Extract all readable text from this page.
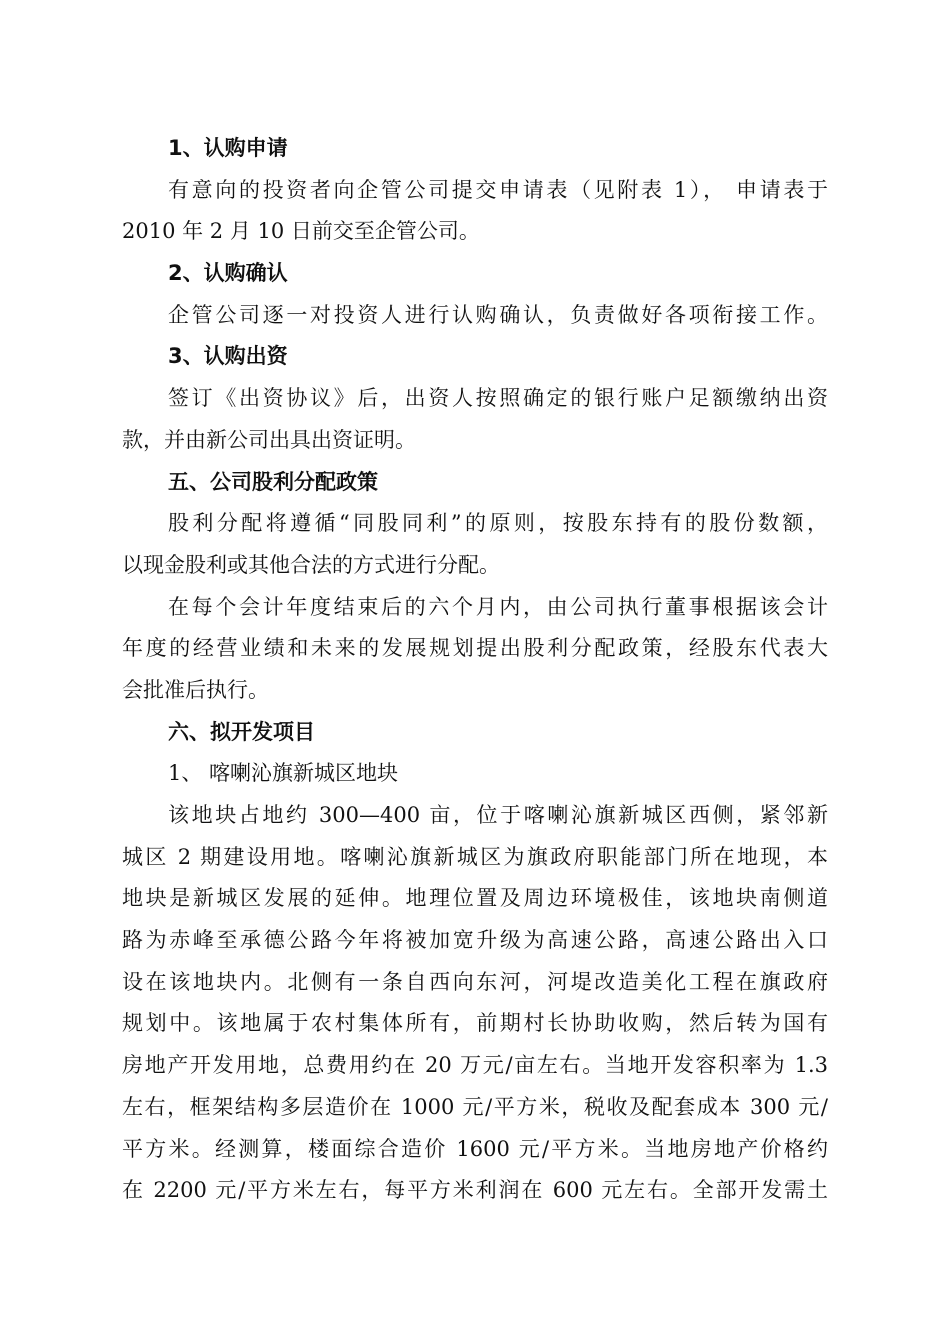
1、认购申请
有意向的投资者向企管公司提交申请表（见附表 1）， 申请表于
2010 年 2 月 10 日前交至企管公司。
2、认购确认
企管公司逐一对投资人进行认购确认，负责做好各项衔接工作。
3、认购出资
签订《出资协议》后，出资人按照确定的银行账户足额缴纳出资
款，并由新公司出具出资证明。
五、公司股利分配政策
股利分配将遵循“同股同利”的原则，按股东持有的股份数额，
以现金股利或其他合法的方式进行分配。
在每个会计年度结束后的六个月内，由公司执行董事根据该会计
年度的经营业绩和未来的发展规划提出股利分配政策，经股东代表大
会批准后执行。
六、拟开发项目
1、 喀喇沁旗新城区地块
该地块占地约 300—400 亩，位于喀喇沁旗新城区西侧，紧邻新
城区 2 期建设用地。喀喇沁旗新城区为旗政府职能部门所在地现，本
地块是新城区发展的延伸。地理位置及周边环境极佳，该地块南侧道
路为赤峰至承德公路今年将被加宽升级为高速公路，高速公路出入口
设在该地块内。北侧有一条自西向东河，河堤改造美化工程在旗政府
规划中。该地属于农村集体所有，前期村长协助收购，然后转为国有
房地产开发用地，总费用约在 20 万元/亩左右。当地开发容积率为 1.3
左右，框架结构多层造价在 1000 元/平方米，税收及配套成本 300 元/
平方米。经测算，楼面综合造价 1600 元/平方米。当地房地产价格约
在 2200 元/平方米左右，每平方米利润在 600 元左右。全部开发需土
